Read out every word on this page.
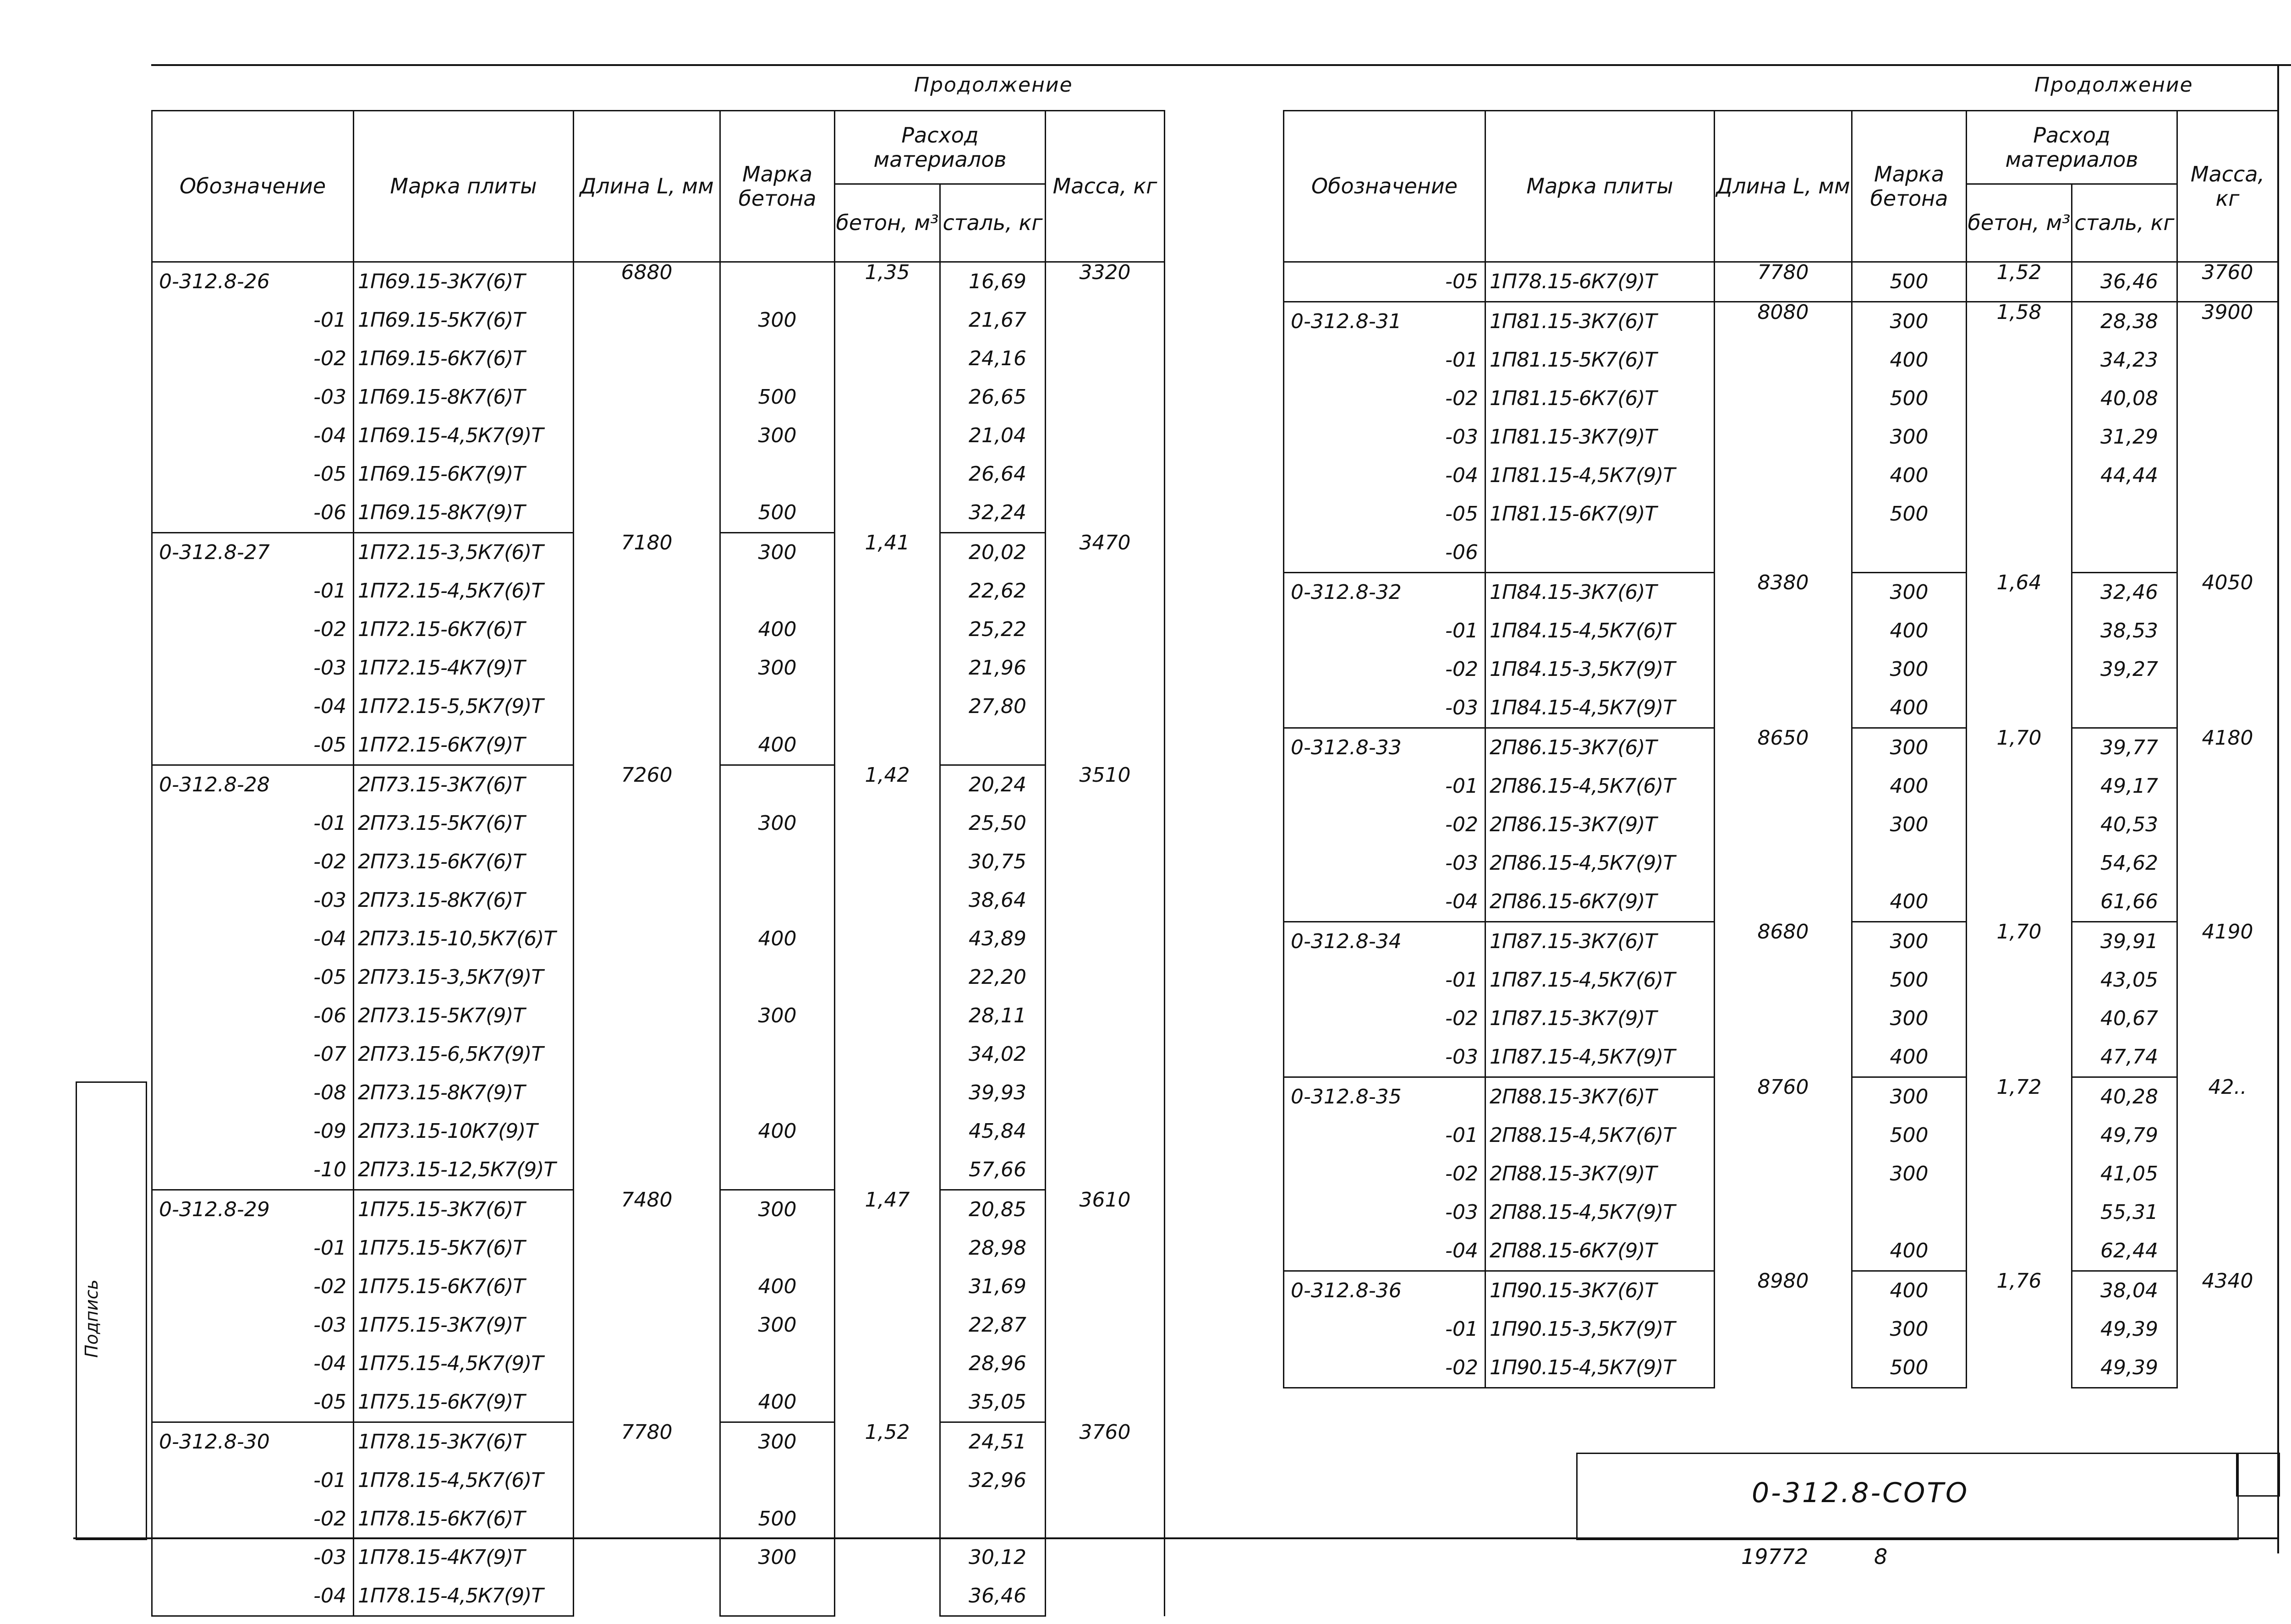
Подпись
Продолжение	Продолжение
Обозначение	Марка плиты	Длина L, мм	Марка бетона	Расход материалов		Масса, кг
				бетон, м³	сталь, кг	

0-312.8-26	1П69.15-3К7(6)Т	6880		1,35	16,69	3320

-01	1П69.15-5К7(6)Т		300		21,67	

-02	1П69.15-6К7(6)Т				24,16	

-03	1П69.15-8К7(6)Т		500		26,65	

-04	1П69.15-4,5К7(9)Т		300		21,04	

-05	1П69.15-6К7(9)Т				26,64	

-06	1П69.15-8К7(9)Т		500		32,24	

0-312.8-27	1П72.15-3,5К7(6)Т	7180	300	1,41	20,02	3470

-01	1П72.15-4,5К7(6)Т				22,62	

-02	1П72.15-6К7(6)Т		400		25,22	

-03	1П72.15-4К7(9)Т		300		21,96	

-04	1П72.15-5,5К7(9)Т				27,80	

-05	1П72.15-6К7(9)Т		400			

0-312.8-28	2П73.15-3К7(6)Т	7260		1,42	20,24	3510

-01	2П73.15-5К7(6)Т		300		25,50	

-02	2П73.15-6К7(6)Т				30,75	

-03	2П73.15-8К7(6)Т				38,64	

-04	2П73.15-10,5К7(6)Т		400		43,89	

-05	2П73.15-3,5К7(9)Т				22,20	

-06	2П73.15-5К7(9)Т		300		28,11	

-07	2П73.15-6,5К7(9)Т				34,02	

-08	2П73.15-8К7(9)Т				39,93	

-09	2П73.15-10К7(9)Т		400		45,84	

-10	2П73.15-12,5К7(9)Т				57,66	

0-312.8-29	1П75.15-3К7(6)Т	7480	300	1,47	20,85	3610

-01	1П75.15-5К7(6)Т				28,98	

-02	1П75.15-6К7(6)Т		400		31,69	

-03	1П75.15-3К7(9)Т		300		22,87	

-04	1П75.15-4,5К7(9)Т				28,96	

-05	1П75.15-6К7(9)Т		400		35,05	

0-312.8-30	1П78.15-3К7(6)Т	7780	300	1,52	24,51	3760

-01	1П78.15-4,5К7(6)Т				32,96	

-02	1П78.15-6К7(6)Т		500			

-03	1П78.15-4К7(9)Т		300		30,12	

-04	1П78.15-4,5К7(9)Т				36,46	
Обозначение	Марка плиты	Длина L, мм	Марка бетона	Расход материалов		Масса, кг
				бетон, м³	сталь, кг	

-05	1П78.15-6К7(9)Т	7780	500	1,52	36,46	3760

0-312.8-31	1П81.15-3К7(6)Т	8080	300	1,58	28,38	3900

-01	1П81.15-5К7(6)Т		400		34,23	

-02	1П81.15-6К7(6)Т		500		40,08	

-03	1П81.15-3К7(9)Т		300		31,29	

-04	1П81.15-4,5К7(9)Т		400		44,44	

-05	1П81.15-6К7(9)Т		500			

-06						

0-312.8-32	1П84.15-3К7(6)Т	8380	300	1,64	32,46	4050

-01	1П84.15-4,5К7(6)Т		400		38,53	

-02	1П84.15-3,5К7(9)Т		300		39,27	

-03	1П84.15-4,5К7(9)Т		400			

0-312.8-33	2П86.15-3К7(6)Т	8650	300	1,70	39,77	4180

-01	2П86.15-4,5К7(6)Т		400		49,17	

-02	2П86.15-3К7(9)Т		300		40,53	

-03	2П86.15-4,5К7(9)Т				54,62	

-04	2П86.15-6К7(9)Т		400		61,66	

0-312.8-34	1П87.15-3К7(6)Т	8680	300	1,70	39,91	4190

-01	1П87.15-4,5К7(6)Т		500		43,05	

-02	1П87.15-3К7(9)Т		300		40,67	

-03	1П87.15-4,5К7(9)Т		400		47,74	

0-312.8-35	2П88.15-3К7(6)Т	8760	300	1,72	40,28	42..

-01	2П88.15-4,5К7(6)Т		500		49,79	

-02	2П88.15-3К7(9)Т		300		41,05	

-03	2П88.15-4,5К7(9)Т				55,31	

-04	2П88.15-6К7(9)Т		400		62,44	

0-312.8-36	1П90.15-3К7(6)Т	8980	400	1,76	38,04	4340

-01	1П90.15-3,5К7(9)Т		300		49,39	

-02	1П90.15-4,5К7(9)Т		500		49,39	
0-312.8-СОТО
19772	8
